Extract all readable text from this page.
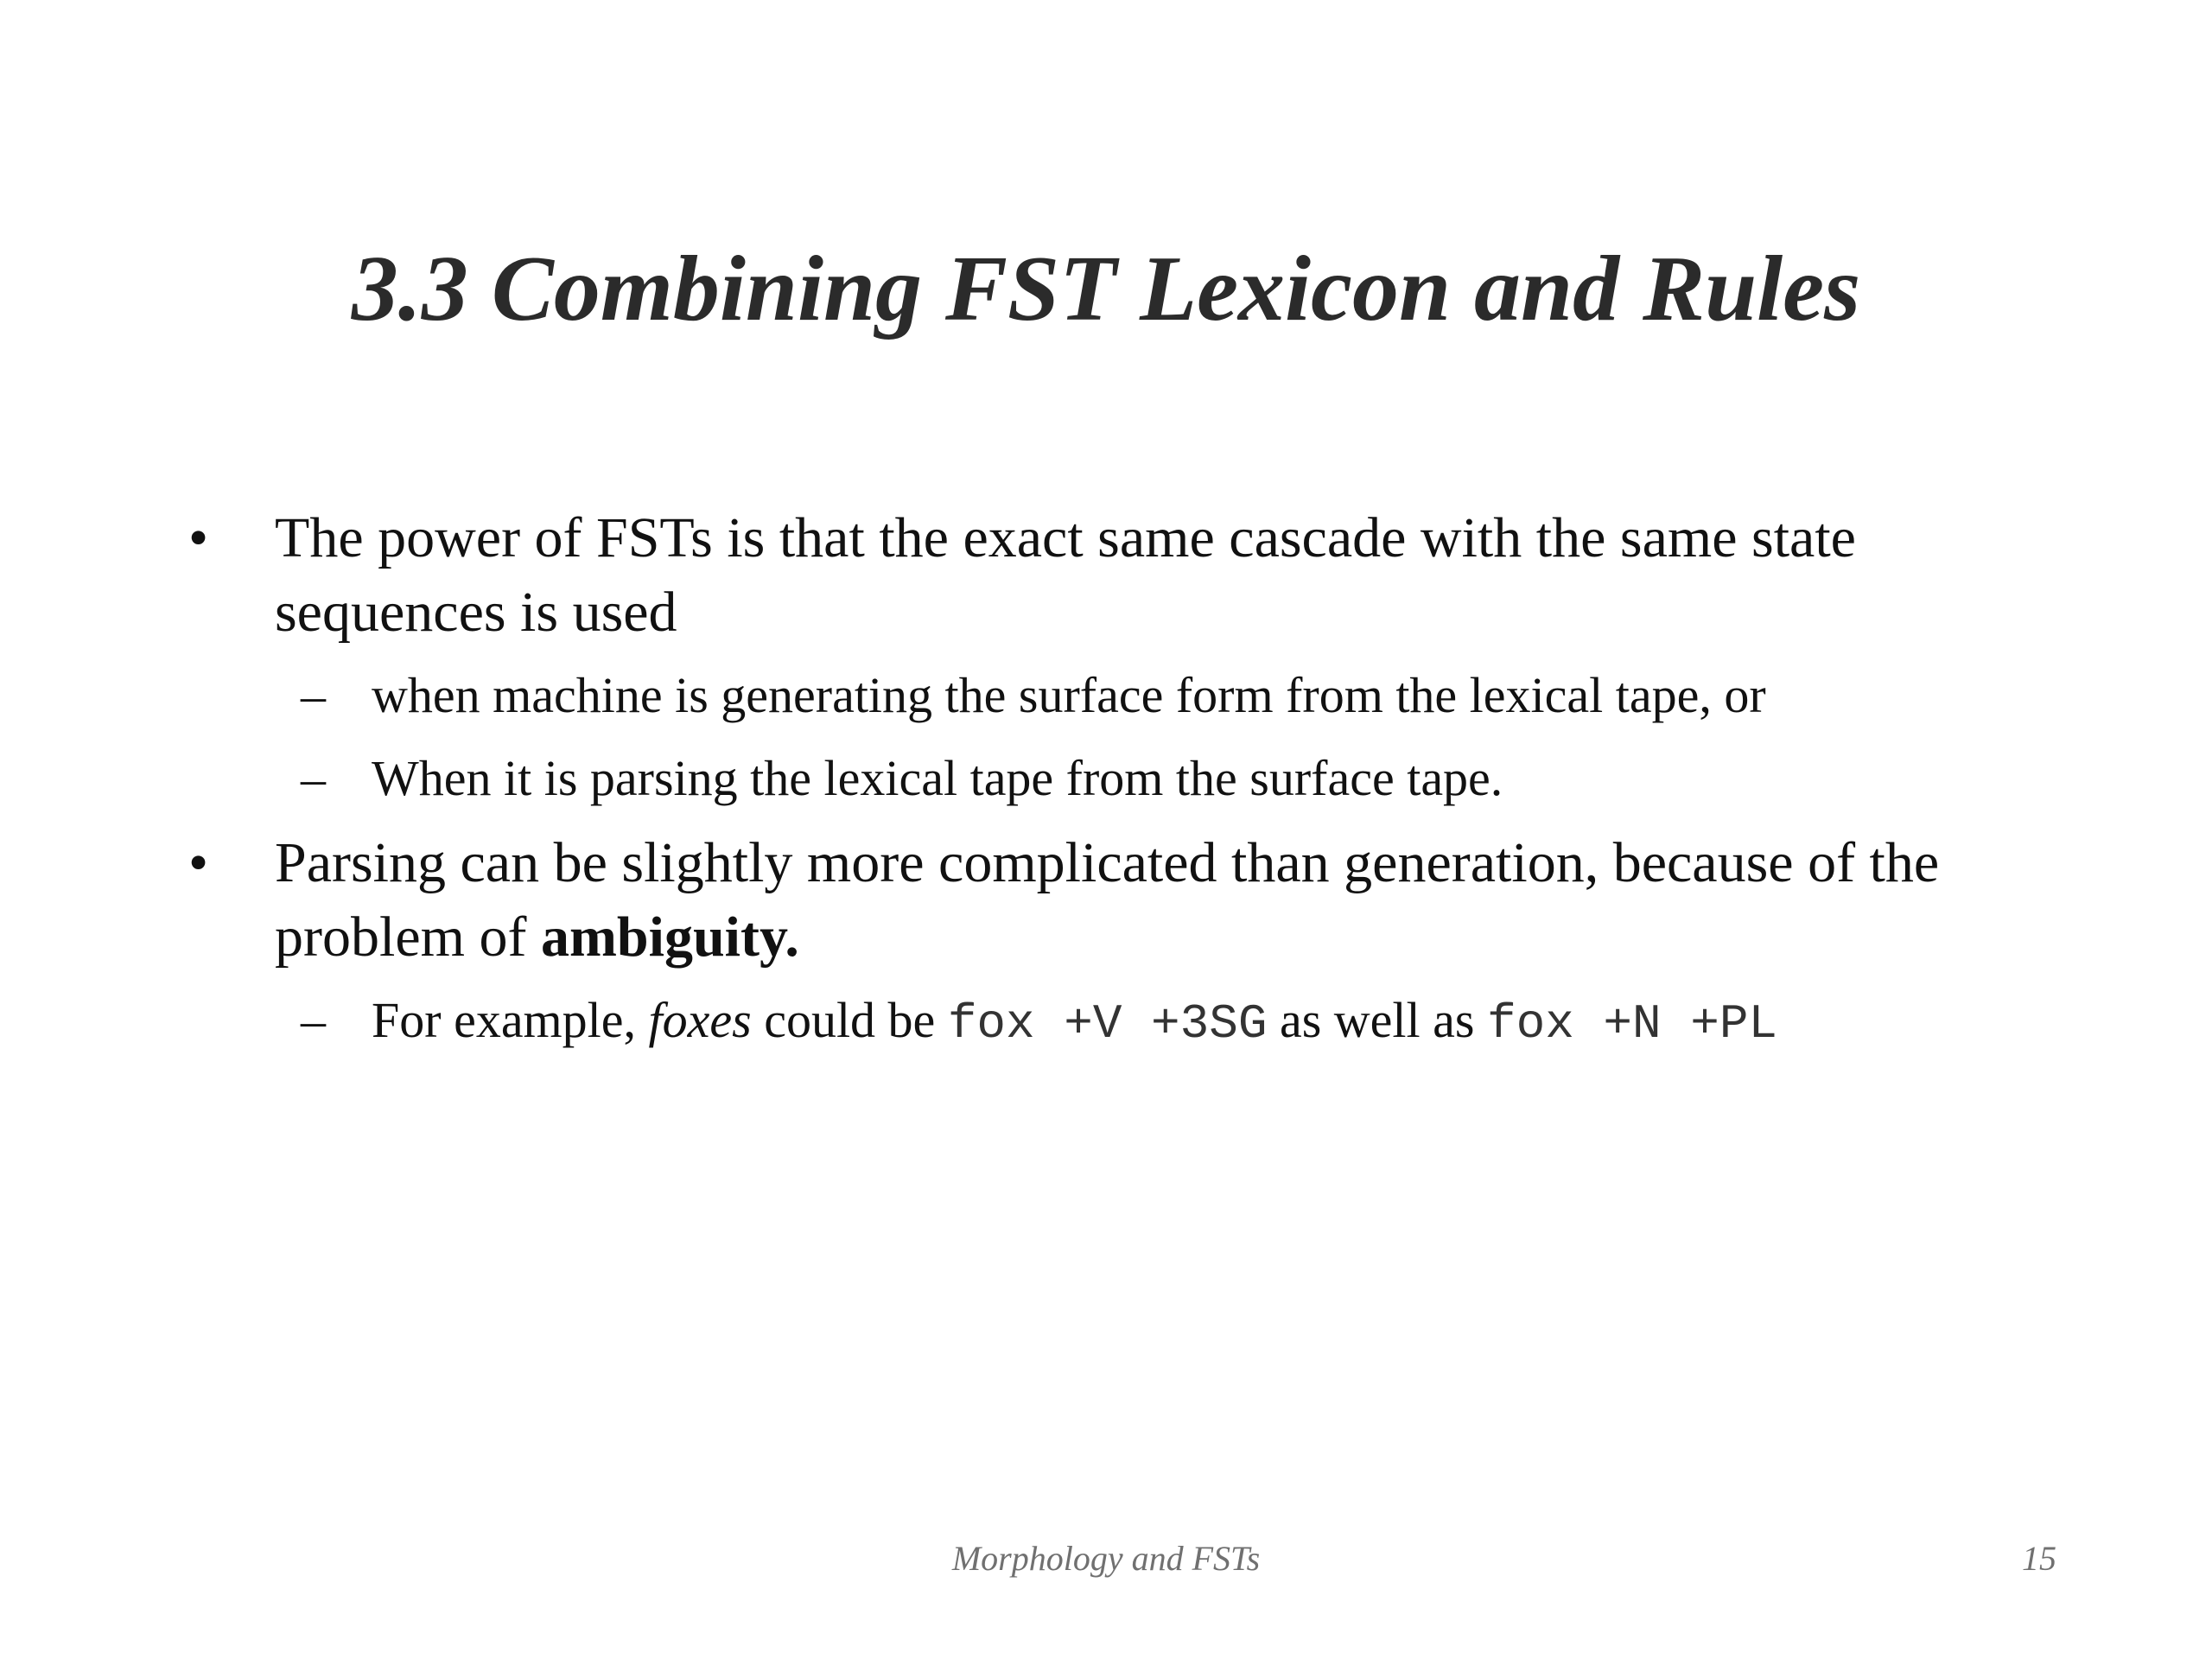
3.3 Combining FST Lexicon and Rules
• The power of FSTs is that the exact same cascade with the same state sequences is used
– when machine is generating the surface form from the lexical tape, or
– When it is parsing the lexical tape from the surface tape.
• Parsing can be slightly more complicated than generation, because of the problem of ambiguity.
– For example, foxes could be fox +V +3SG as well as fox +N +PL
Morphology and FSTs	15
